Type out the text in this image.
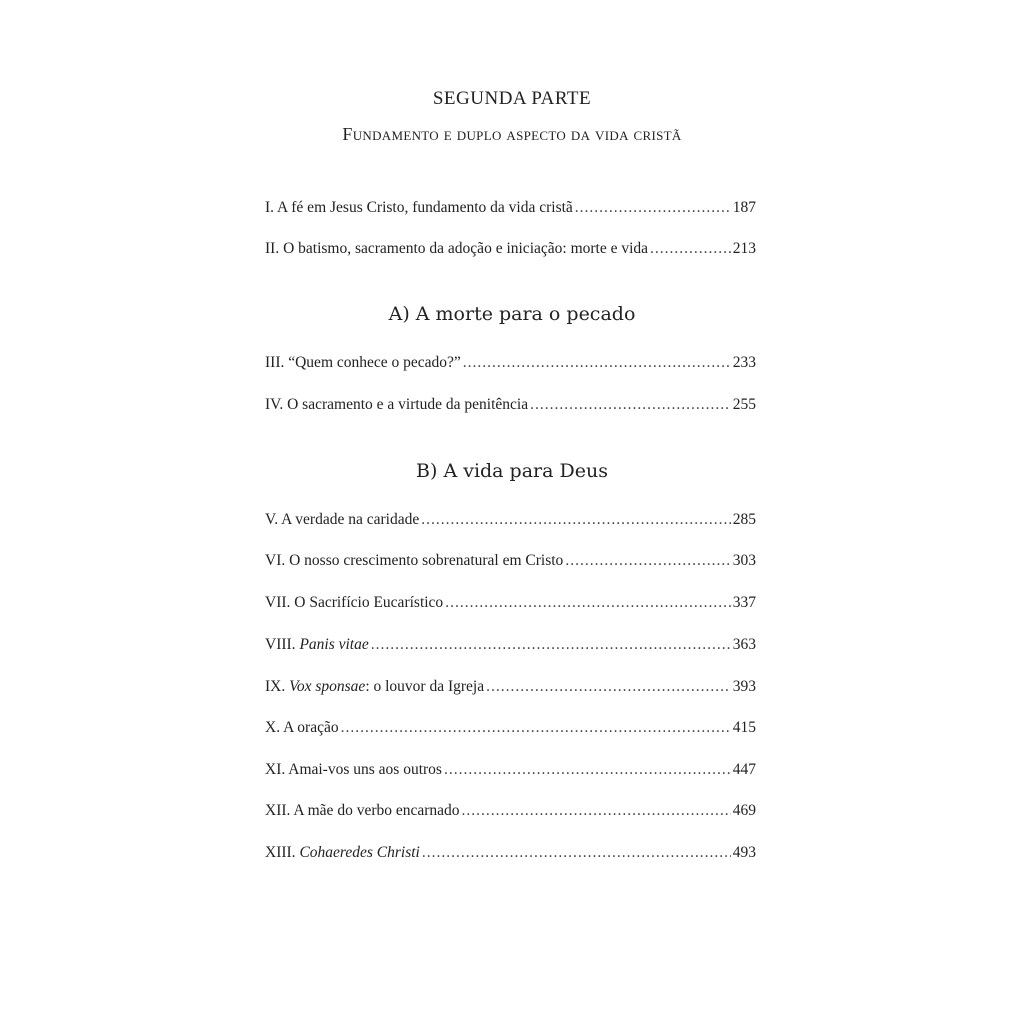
SEGUNDA PARTE
Fundamento e duplo aspecto da vida cristã
I. A fé em Jesus Cristo, fundamento da vida cristã .....	187
II. O batismo, sacramento da adoção e iniciação: morte e vida .....	213
A) A morte para o pecado
III. “Quem conhece o pecado?” .....	233
IV. O sacramento e a virtude da penitência .....	255
B) A vida para Deus
V. A verdade na caridade .....	285
VI. O nosso crescimento sobrenatural em Cristo .....	303
VII. O Sacrifício Eucarístico .....	337
VIII. Panis vitae .....	363
IX. Vox sponsae: o louvor da Igreja .....	393
X. A oração .....	415
XI. Amai-vos uns aos outros .....	447
XII. A mãe do verbo encarnado .....	469
XIII. Cohaeredes Christi .....	493
